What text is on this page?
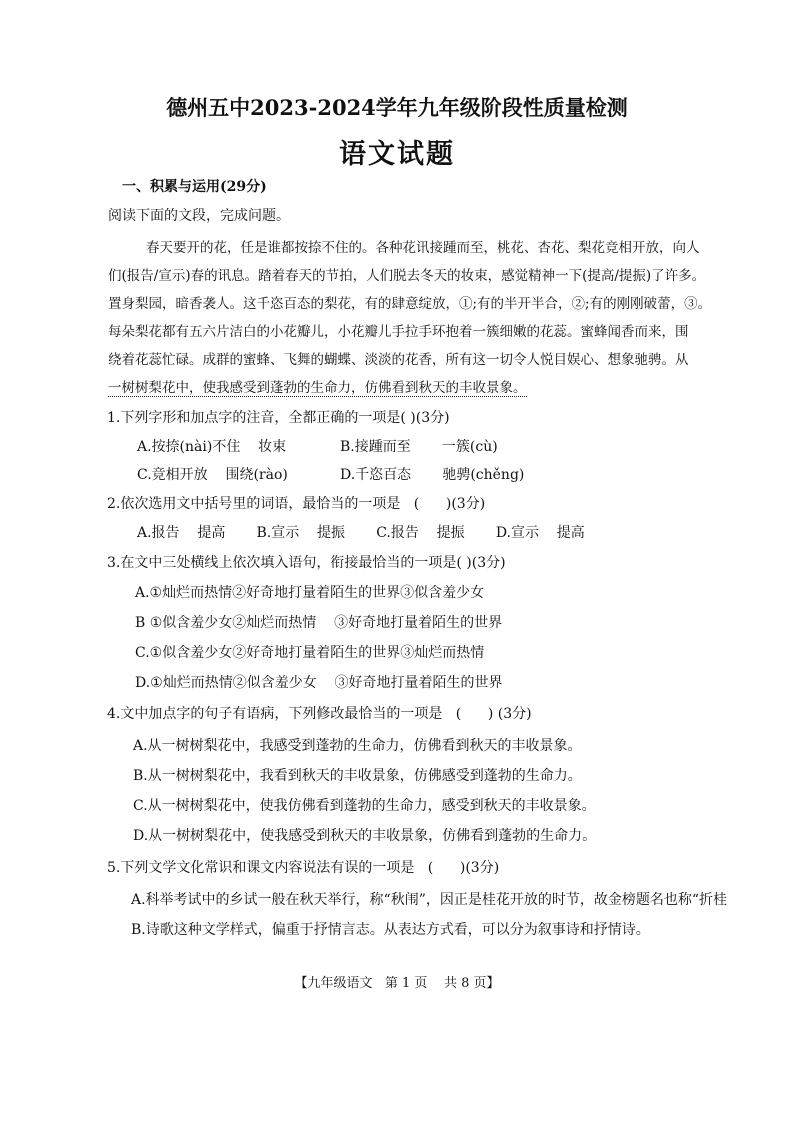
德州五中2023-2024学年九年级阶段性质量检测
语文试题
一、积累与运用(29分)
阅读下面的文段，完成问题。
春天要开的花，任是谁都按捺不住的。各种花讯接踵而至，桃花、杏花、梨花竞相开放，向人
们(报告/宣示)春的讯息。踏着春天的节拍，人们脱去冬天的妆束，感觉精神一下(提高/提振)了许多。
置身梨园，暗香袭人。这千恣百态的梨花，有的肆意绽放，①;有的半开半合，②;有的刚刚破蕾，③。
每朵梨花都有五六片洁白的小花瓣儿，小花瓣儿手拉手环抱着一簇细嫩的花蕊。蜜蜂闻香而来，围
绕着花蕊忙碌。成群的蜜蜂、飞舞的蝴蝶、淡淡的花香，所有这一切令人悦目娱心、想象驰骋。从
一树树梨花中，使我感受到蓬勃的生命力，仿佛看到秋天的丰收景象。
1.下列字形和加点字的注音，全都正确的一项是( )(3分)
A.按捺(nài)不住    妆束	B.接踵而至       一簇(cù)
C.竞相开放    围绕(rào)	D.千恣百态       驰骋(chěng)
2.依次选用文中括号里的词语，最恰当的一项是   (      )(3分)
A.报告    提高       B.宣示    提振       C.报告    提振       D.宣示    提高
3.在文中三处横线上依次填入语句，衔接最恰当的一项是( )(3分)
A.①灿烂而热情②好奇地打量着陌生的世界③似含羞少女
B ①似含羞少女②灿烂而热情    ③好奇地打量着陌生的世界
C.①似含羞少女②好奇地打量着陌生的世界③灿烂而热情
D.①灿烂而热情②似含羞少女    ③好奇地打量着陌生的世界
4.文中加点字的句子有语病，下列修改最恰当的一项是   (      ) (3分)
A.从一树树梨花中，我感受到蓬勃的生命力，仿佛看到秋天的丰收景象。
B.从一树树梨花中，我看到秋天的丰收景象，仿佛感受到蓬勃的生命力。
C.从一树树梨花中，使我仿佛看到蓬勃的生命力，感受到秋天的丰收景象。
D.从一树树梨花中，使我感受到秋天的丰收景象，仿佛看到蓬勃的生命力。
5.下列文学文化常识和课文内容说法有误的一项是   (      )(3分)
A.科举考试中的乡试一般在秋天举行，称“秋闱”，因正是桂花开放的时节，故金榜题名也称“折桂
B.诗歌这种文学样式，偏重于抒情言志。从表达方式看，可以分为叙事诗和抒情诗。
【九年级语文   第 1 页    共 8 页】
